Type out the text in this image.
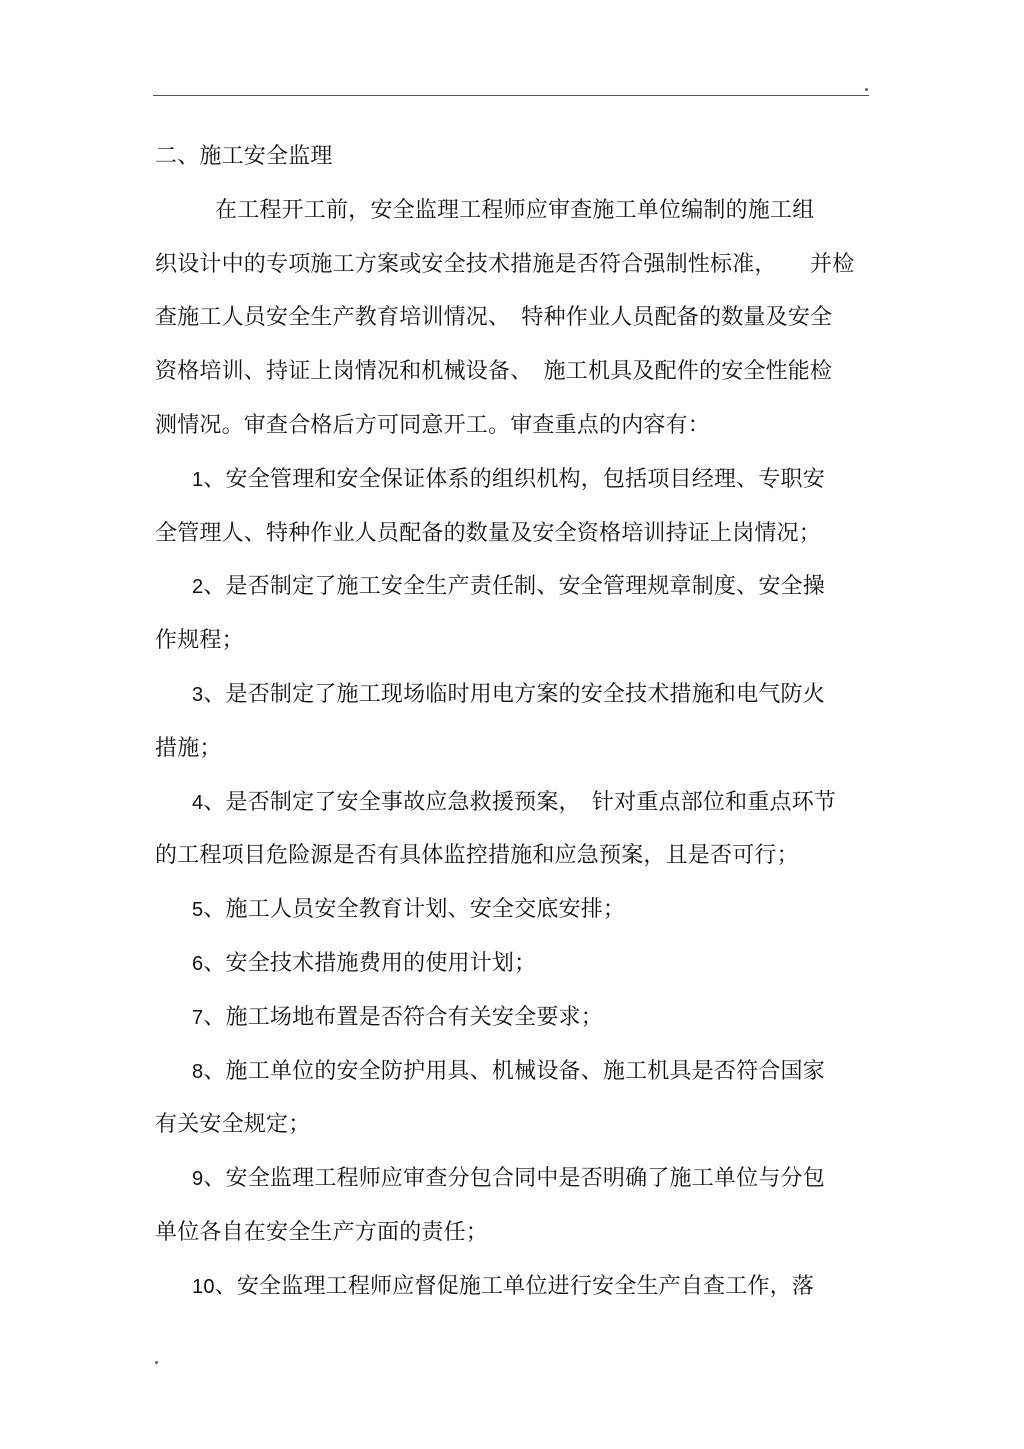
二、施工安全监理
在工程开工前，安全监理工程师应审查施工单位编制的施工组
织设计中的专项施工方案或安全技术措施是否符合强制性标准，　　并检
查施工人员安全生产教育培训情况、　特种作业人员配备的数量及安全
资格培训、持证上岗情况和机械设备、　施工机具及配件的安全性能检
测情况。审查合格后方可同意开工。审查重点的内容有：
1、安全管理和安全保证体系的组织机构，包括项目经理、专职安
全管理人、特种作业人员配备的数量及安全资格培训持证上岗情况；
2、是否制定了施工安全生产责任制、安全管理规章制度、安全操
作规程；
3、是否制定了施工现场临时用电方案的安全技术措施和电气防火
措施；
4、是否制定了安全事故应急救援预案，　针对重点部位和重点环节
的工程项目危险源是否有具体监控措施和应急预案，且是否可行；
5、施工人员安全教育计划、安全交底安排；
6、安全技术措施费用的使用计划；
7、施工场地布置是否符合有关安全要求；
8、施工单位的安全防护用具、机械设备、施工机具是否符合国家
有关安全规定；
9、安全监理工程师应审查分包合同中是否明确了施工单位与分包
单位各自在安全生产方面的责任；
10、安全监理工程师应督促施工单位进行安全生产自查工作，落
